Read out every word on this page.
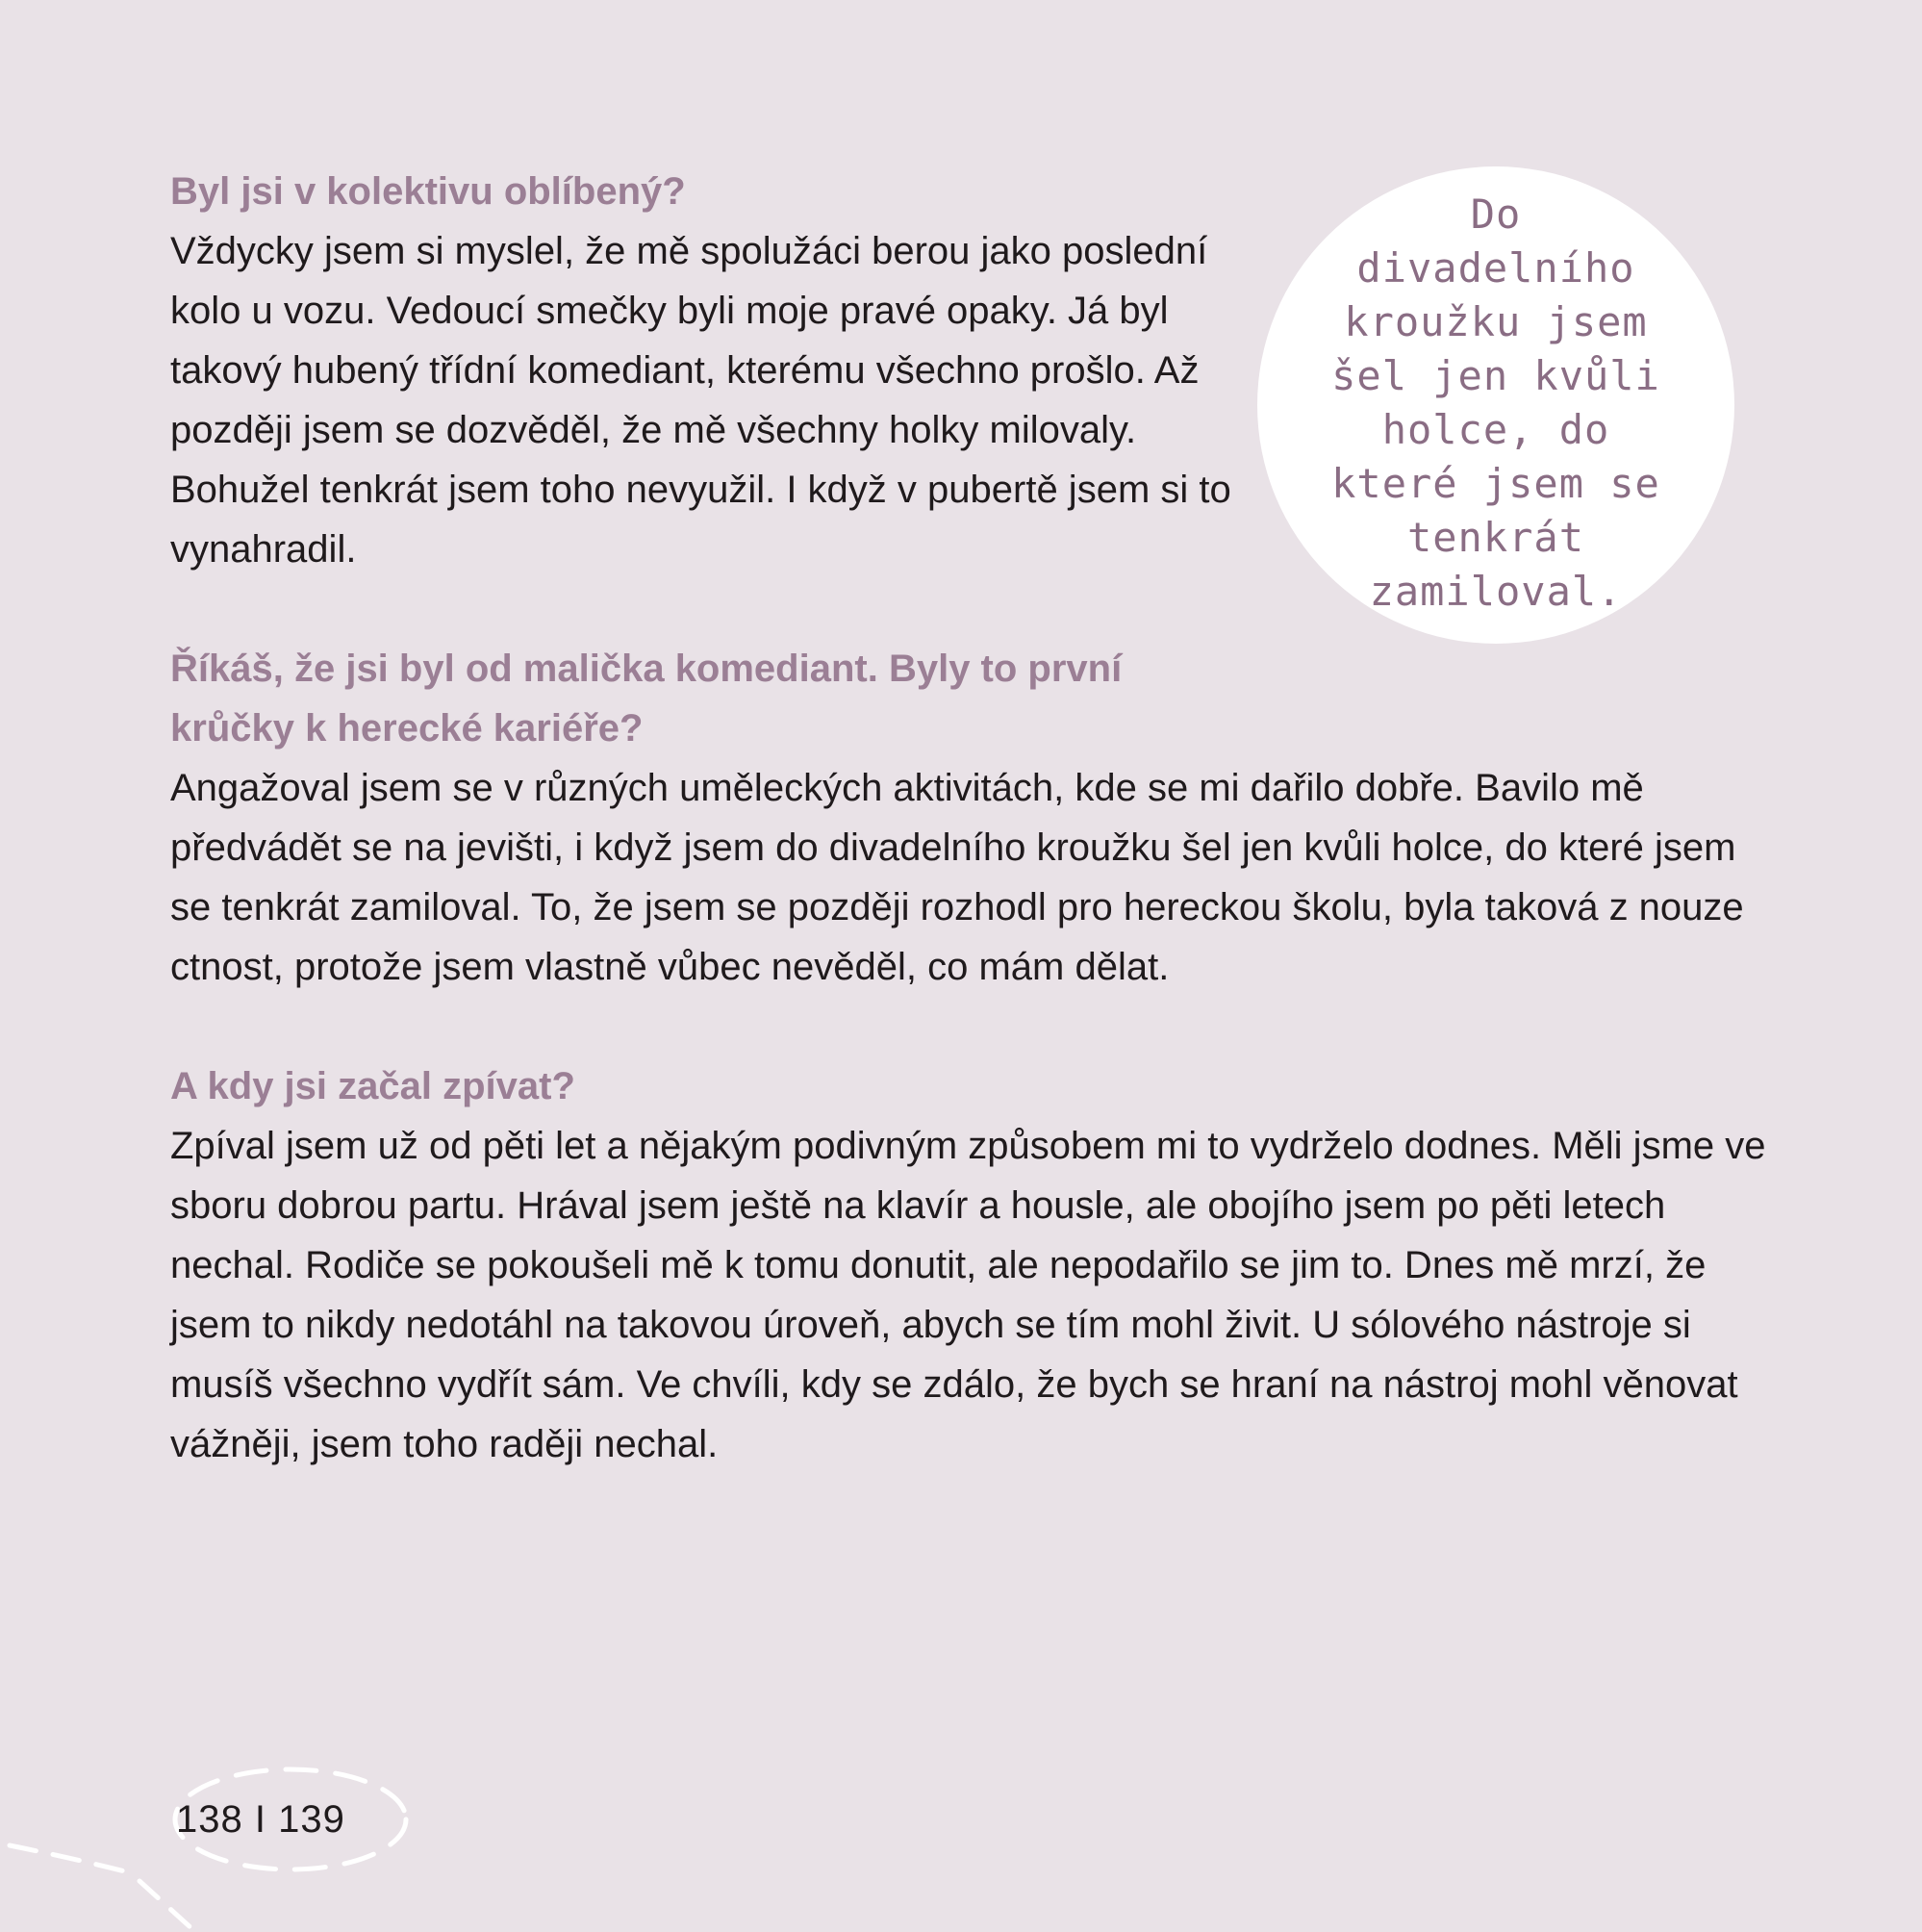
Byl jsi v kolektivu oblíbený?

Vždycky jsem si myslel, že mě spolužáci berou jako poslední kolo u vozu. Vedoucí smečky byli moje pravé opaky. Já byl takový hubený třídní komediant, kterému všechno prošlo. Až později jsem se dozvěděl, že mě všechny holky milovaly. Bohužel tenkrát jsem toho nevyužil. I když v pubertě jsem si to vynahradil.

Říkáš, že jsi byl od malička komediant. Byly to první krůčky k herecké kariéře?

Angažoval jsem se v různých uměleckých aktivitách, kde se mi dařilo dobře. Bavilo mě předvádět se na jevišti, i když jsem do divadelního kroužku šel jen kvůli holce, do které jsem se tenkrát zamiloval. To, že jsem se později rozhodl pro hereckou školu, byla taková z nouze ctnost, protože jsem vlastně vůbec nevěděl, co mám dělat.

A kdy jsi začal zpívat?

Zpíval jsem už od pěti let a nějakým podivným způsobem mi to vydrželo dodnes. Měli jsme ve sboru dobrou partu. Hrával jsem ještě na klavír a housle, ale obojího jsem po pěti letech nechal. Rodiče se pokoušeli mě k tomu donutit, ale nepodařilo se jim to. Dnes mě mrzí, že jsem to nikdy nedotáhl na takovou úroveň, abych se tím mohl živit. U sólového nástroje si musíš všechno vydřít sám. Ve chvíli, kdy se zdálo, že bych se hraní na nástroj mohl věnovat vážněji, jsem toho raději nechal.

Do divadelního kroužku jsem šel jen kvůli holce, do které jsem se tenkrát zamiloval.
138 I 139
